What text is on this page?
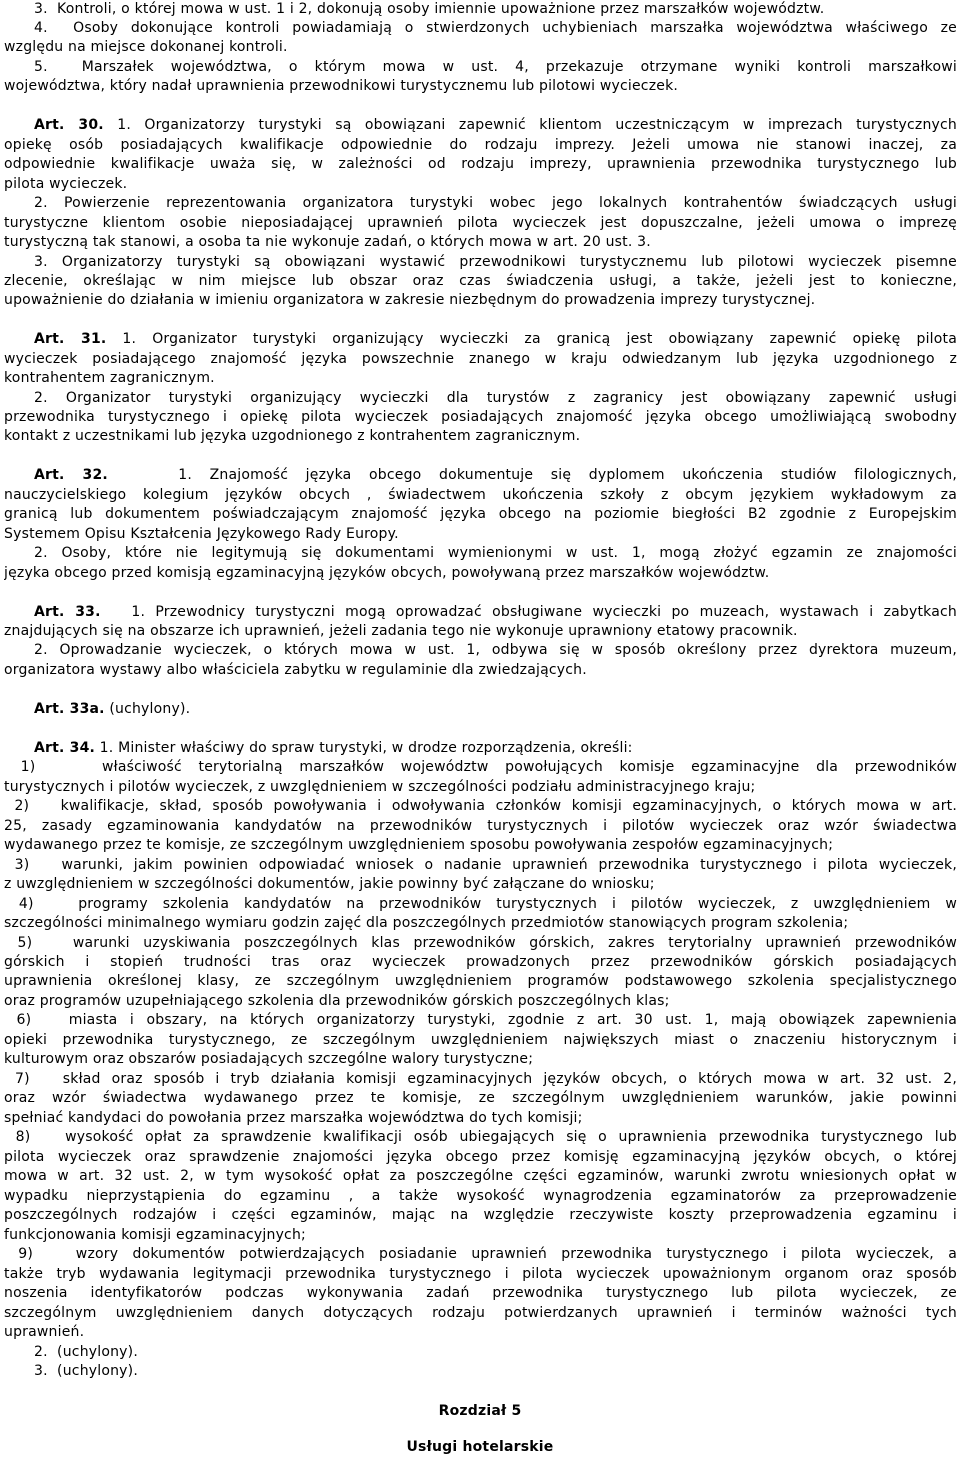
3.  Kontroli, o której mowa w ust. 1 i 2, dokonują osoby imiennie upoważnione przez marszałków województw.
4.  Osoby dokonujące kontroli powiadamiają o stwierdzonych uchybieniach marszałka województwa właściwego ze
względu na miejsce dokonanej kontroli.
5.  Marszałek województwa, o którym mowa w ust. 4, przekazuje otrzymane wyniki kontroli marszałkowi
województwa, który nadał uprawnienia przewodnikowi turystycznemu lub pilotowi wycieczek.
Art. 30. 1. Organizatorzy turystyki są obowiązani zapewnić klientom uczestniczącym w imprezach turystycznych
opiekę osób posiadających kwalifikacje odpowiednie do rodzaju imprezy. Jeżeli umowa nie stanowi inaczej, za
odpowiednie kwalifikacje uważa się, w zależności od rodzaju imprezy, uprawnienia przewodnika turystycznego lub
pilota wycieczek.
2. Powierzenie reprezentowania organizatora turystyki wobec jego lokalnych kontrahentów świadczących usługi
turystyczne klientom osobie nieposiadającej uprawnień pilota wycieczek jest dopuszczalne, jeżeli umowa o imprezę
turystyczną tak stanowi, a osoba ta nie wykonuje zadań, o których mowa w art. 20 ust. 3.
3. Organizatorzy turystyki są obowiązani wystawić przewodnikowi turystycznemu lub pilotowi wycieczek pisemne
zlecenie, określając w nim miejsce lub obszar oraz czas świadczenia usługi, a także, jeżeli jest to konieczne,
upoważnienie do działania w imieniu organizatora w zakresie niezbędnym do prowadzenia imprezy turystycznej.
Art. 31. 1. Organizator turystyki organizujący wycieczki za granicą jest obowiązany zapewnić opiekę pilota
wycieczek posiadającego znajomość języka powszechnie znanego w kraju odwiedzanym lub języka uzgodnionego z
kontrahentem zagranicznym.
2. Organizator turystyki organizujący wycieczki dla turystów z zagranicy jest obowiązany zapewnić usługi
przewodnika turystycznego i opiekę pilota wycieczek posiadających znajomość języka obcego umożliwiającą swobodny
kontakt z uczestnikami lub języka uzgodnionego z kontrahentem zagranicznym.
Art. 32.    1. Znajomość języka obcego dokumentuje się dyplomem ukończenia studiów filologicznych,
nauczycielskiego kolegium języków obcych , świadectwem ukończenia szkoły z obcym językiem wykładowym za
granicą lub dokumentem poświadczającym znajomość języka obcego na poziomie biegłości B2 zgodnie z Europejskim
Systemem Opisu Kształcenia Językowego Rady Europy.
2. Osoby, które nie legitymują się dokumentami wymienionymi w ust. 1, mogą złożyć egzamin ze znajomości
języka obcego przed komisją egzaminacyjną języków obcych, powoływaną przez marszałków województw.
Art. 33.   1. Przewodnicy turystyczni mogą oprowadzać obsługiwane wycieczki po muzeach, wystawach i zabytkach
znajdujących się na obszarze ich uprawnień, jeżeli zadania tego nie wykonuje uprawniony etatowy pracownik.
2. Oprowadzanie wycieczek, o których mowa w ust. 1, odbywa się w sposób określony przez dyrektora muzeum,
organizatora wystawy albo właściciela zabytku w regulaminie dla zwiedzających.
Art. 33a. (uchylony).
Art. 34. 1. Minister właściwy do spraw turystyki, w drodze rozporządzenia, określi:
1)    właściwość terytorialną marszałków województw powołujących komisje egzaminacyjne dla przewodników
turystycznych i pilotów wycieczek, z uwzględnieniem w szczególności podziału administracyjnego kraju;
2)   kwalifikacje, skład, sposób powoływania i odwoływania członków komisji egzaminacyjnych, o których mowa w art.
25, zasady egzaminowania kandydatów na przewodników turystycznych i pilotów wycieczek oraz wzór świadectwa
wydawanego przez te komisje, ze szczególnym uwzględnieniem sposobu powoływania zespołów egzaminacyjnych;
3)   warunki, jakim powinien odpowiadać wniosek o nadanie uprawnień przewodnika turystycznego i pilota wycieczek,
z uwzględnieniem w szczególności dokumentów, jakie powinny być załączane do wniosku;
4)   programy szkolenia kandydatów na przewodników turystycznych i pilotów wycieczek, z uwzględnieniem w
szczególności minimalnego wymiaru godzin zajęć dla poszczególnych przedmiotów stanowiących program szkolenia;
5)   warunki uzyskiwania poszczególnych klas przewodników górskich, zakres terytorialny uprawnień przewodników
górskich i stopień trudności tras oraz wycieczek prowadzonych przez przewodników górskich posiadających
uprawnienia określonej klasy, ze szczególnym uwzględnieniem programów podstawowego szkolenia specjalistycznego
oraz programów uzupełniającego szkolenia dla przewodników górskich poszczególnych klas;
6)   miasta i obszary, na których organizatorzy turystyki, zgodnie z art. 30 ust. 1, mają obowiązek zapewnienia
opieki przewodnika turystycznego, ze szczególnym uwzględnieniem największych miast o znaczeniu historycznym i
kulturowym oraz obszarów posiadających szczególne walory turystyczne;
7)   skład oraz sposób i tryb działania komisji egzaminacyjnych języków obcych, o których mowa w art. 32 ust. 2,
oraz wzór świadectwa wydawanego przez te komisje, ze szczególnym uwzględnieniem warunków, jakie powinni
spełniać kandydaci do powołania przez marszałka województwa do tych komisji;
8)   wysokość opłat za sprawdzenie kwalifikacji osób ubiegających się o uprawnienia przewodnika turystycznego lub
pilota wycieczek oraz sprawdzenie znajomości języka obcego przez komisję egzaminacyjną języków obcych, o której
mowa w art. 32 ust. 2, w tym wysokość opłat za poszczególne części egzaminów, warunki zwrotu wniesionych opłat w
wypadku nieprzystąpienia do egzaminu , a także wysokość wynagrodzenia egzaminatorów za przeprowadzenie
poszczególnych rodzajów i części egzaminów, mając na względzie rzeczywiste koszty przeprowadzenia egzaminu i
funkcjonowania komisji egzaminacyjnych;
9)   wzory dokumentów potwierdzających posiadanie uprawnień przewodnika turystycznego i pilota wycieczek, a
także tryb wydawania legitymacji przewodnika turystycznego i pilota wycieczek upoważnionym organom oraz sposób
noszenia identyfikatorów podczas wykonywania zadań przewodnika turystycznego lub pilota wycieczek, ze
szczególnym uwzględnieniem danych dotyczących rodzaju potwierdzanych uprawnień i terminów ważności tych
uprawnień.
2.  (uchylony).
3.  (uchylony).
Rozdział 5
Usługi hotelarskie
